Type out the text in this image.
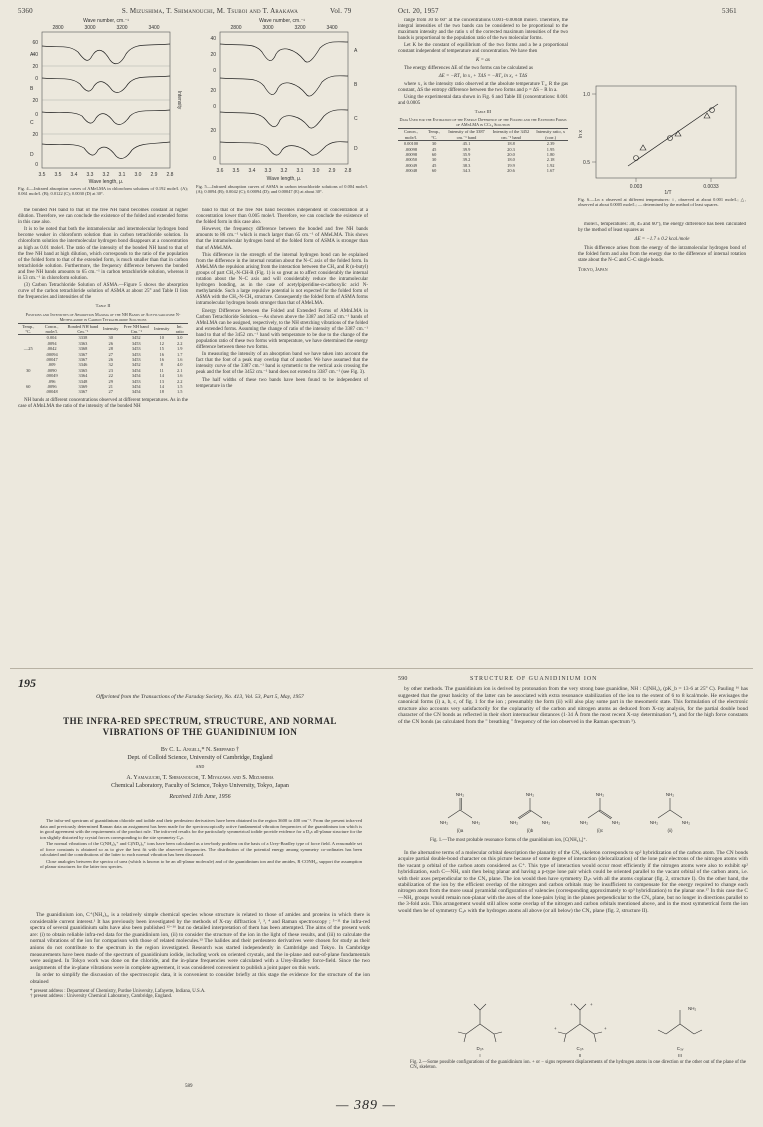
5360	S. Mizushima, T. Shimanouchi, M. Tsuboi and T. Arakawa	Vol. 79
Wave number, cm.⁻¹
2800	3000	3200	3400
60
40
20
0
20
0
20
0
A
B
C
D
Intensity
3.5 3.5 3.4 3.3 3.2 3.1 3.0 2.9 2.8
Wave length, μ.
Fig. 4.—Infrared absorption curves of AMeLMA in chloroform solutions of 0.192 mole/l. (A); 0.061 mole/l. (B); 0.0122 (C); 0.0030 (D) at 30°.
Wave number, cm.⁻¹
2800	3000	3200	3400
40
20
0
20
0
20
0
A
B
C
D
3.6 3.5 3.4 3.3 3.2 3.1 3.0 2.9 2.8
Wave length, μ.
Fig. 5.—Infrared absorption curves of ASMA in carbon tetrachloride solutions of 0.004 mole/l. (A); 0.0094 (B); 0.0042 (C); 0.00094 (D); and 0.00047 (E) at about 30°.

the bonded NH band to that of the free NH band becomes constant at higher dilution. Therefore, we can conclude the existence of the folded and extended forms in this case also.

It is to be noted that both the intramolecular and intermolecular hydrogen bond become weaker in chloroform solution than in carbon tetrachloride solution. In chloroform solution the intermolecular hydrogen bond disappears at a concentration as high as 0.01 mole/l. The ratio of the intensity of the bonded NH band to that of the free NH band at high dilution, which corresponds to the ratio of the population of the folded form to that of the extended form, is much smaller than that in carbon tetrachloride solution. Furthermore, the frequency difference between the bonded and free NH bands amounts to 65 cm.⁻¹ in carbon tetrachloride solution, whereas it is 53 cm.⁻¹ in chloroform solution.

(3) Carbon Tetrachloride Solution of ASMA.—Figure 5 shows the absorption curve of the carbon tetrachloride solution of ASMA at about 25° and Table II lists the frequencies and intensities of the

Table II
Positions and Intensities of Absorption Maxima of the NH Bands of Acetylsarcosine N-Methylamide in Carbon Tetrachloride Solutions
Temp., °C.	Concn., mole/l.	Bonded NH band Cm.⁻¹	Intensity	Free NH band Cm.⁻¹	Intensity	Int. ratio
	0.004	3338	30	3452	10	3.0
	.0094	3363	26	3453	12	2.2
—25	.0042	3368	28	3453	15	1.9
	.00094	3367	27	3453	16	1.7
	.00047	3367	26	3453	16	1.6
	.009	3346	32	3452	8	4.0
30	.0090	3365	23	3454	11	2.1
	.00049	3364	22	3454	14	1.6
	.096	3348	29	3453	13	2.2
60	.0096	3369	21	3454	14	1.5
	.00048	3367	27	3454	18	1.5

NH bands at different concentrations observed at different temperatures. As in the case of AMnLMA the ratio of the intensity of the bonded NH

band to that of the free NH band becomes independent of concentration at a concentration lower than 0.005 mole/l. Therefore, we can conclude the existence of the folded form in this case also.

However, the frequency difference between the bonded and free NH bands amounts to 86 cm.⁻¹ which is much larger than 65 cm.⁻¹ of AMeLMA. This shows that the intramolecular hydrogen bond of the folded form of ASMA is stronger than that of AMeLMA.

This difference in the strength of the internal hydrogen bond can be explained from the difference in the internal rotation about the N–C axis of the folded form. In AMeLMA the repulsion arising from the interaction between the CH₃ and R (n-butyl) groups of part CH₃-N-CH-R (Fig. 1) is so great as to affect considerably the internal rotation about the N–C axis and will considerably reduce the intramolecular hydrogen bonding, as in the case of acetylpiperidine-α-carboxylic acid N-methylamide. Such a large repulsive potential is not expected for the folded form of ASMA with the CH₃-N-CH₂ structure. Consequently the folded form of ASMA forms intramolecular hydrogen bonds stronger than that of AMeLMA.

Energy Difference between the Folded and Extended Forms of AMnLMA in Carbon Tetrachloride Solution.—As shown above the 3387 and 3452 cm.⁻¹ bands of AMnLMA can be assigned, respectively, to the NH stretching vibrations of the folded and extended forms. Assuming the change of ratio of the intensity of the 3387 cm.⁻¹ band to that of the 3452 cm.⁻¹ band with temperature to be due to the change of the population ratio of these two forms with temperature, we have determined the energy difference between these two forms.

In measuring the intensity of an absorption band we have taken into account the fact that the foot of a peak may overlap that of another. We have assumed that the intensity curve of the 3387 cm.⁻¹ band is symmetric to the vertical axis crossing the peak and the foot of the 3452 cm.⁻¹ band does not extend to 3387 cm.⁻¹ (see Fig. 3).

The half widths of these two bands have been found to be independent of temperature in the

Oct. 20, 1957	5361

range from 30 to 60° at the concentrations 0.001–0.00048 mole/l. Therefore, the integral intensities of the two bands can be considered to be proportional to the maximum intensity and the ratio x of the corrected maximum intensities of the two bands is proportional to the population ratio of the two molecular forms.

Let K be the constant of equilibrium of the two forms and a be a proportional constant independent of temperature and concentration. We have then

K = ax

The energy differences ΔE of the two forms can be calculated as

ΔE = −RT₁ ln x₁ + TΔS = −RT₂ ln x₂ + TΔS

where x₁ is the intensity ratio observed at the absolute temperature T₁, R the gas constant, ΔS the entropy difference between the two forms and p = ΔS − R ln a.

Using the experimental data shown in Fig. 6 and Table III (concentrations: 0.001 and 0.0005

Table III
Data Used for the Estimation of the Energy Difference of the Folded and the Extended Forms of AMnLMA in CCl₄ Solution
Concn., mole/l.	Temp., °C.	Intensity of the 3387 cm.⁻¹ band	Intensity of the 3452 cm.⁻¹ band	Intensity ratio, x (corr.)
0.00100	30	45.1	18.8	2.39
.00098	45	39.9	20.3	1.95
.00098	60	35.9	20.0	1.80
.00050	30	39.2	18.0	2.18
.00049	45	38.3	19.9	1.92
.00048	60	34.3	20.6	1.67
1.0
0.5
ln x
0.003	0.0033
1/T
Fig. 6.—Ln x observed at different temperatures: ○, observed at about 0.001 mole/l.; △, observed at about 0.0005 mole/l.; — determined by the method of least squares.

mole/l., temperatures: 30, 45 and 60°), the energy difference has been calculated by the method of least squares as

ΔE = −1.7 ± 0.2 kcal./mole

This difference arises from the energy of the intramolecular hydrogen bond of the folded form and also from the energy due to the difference of internal rotation state about the N–C and C–C single bonds.

Tokyo, Japan
195
Offprinted from the Transactions of the Faraday Society, No. 413, Vol. 53, Part 5, May, 1957
THE INFRA-RED SPECTRUM, STRUCTURE, AND NORMAL VIBRATIONS OF THE GUANIDINIUM ION
By C. L. Angell,* N. Sheppard †
Dept. of Colloid Science, University of Cambridge, England
and
A. Yamaguchi, T. Shimanouchi, T. Miyazawa and S. Mizushima
Chemical Laboratory, Faculty of Science, Tokyo University, Tokyo, Japan
Received 11th June, 1956

The infra-red spectrum of guanidinium chloride and iodide and their perdeutero derivatives have been obtained in the region 3600 to 400 cm⁻¹. From the present infra-red data and previously determined Raman data an assignment has been made for the spectroscopically active fundamental vibration frequencies of the guanidinium ion which is in good agreement with the requirements of the product rule. The infra-red results for the particularly symmetrical iodide provide evidence for a D₃ₕ all-planar structure for the ion slightly distorted by crystal forces corresponding to the site symmetry C₃ₕ.

The normal vibrations of the C(NH₂)₃⁺ and C(ND₂)₃⁺ ions have been calculated as a ten-body problem on the basis of a Urey-Bradley type of force field. A reasonable set of force constants is obtained so as to give the best fit with the observed frequencies. The distribution of the potential energy among symmetry co-ordinates has been calculated and the contributions of the latter to each normal vibration has been discussed.

Close analogies between the spectra of urea (which is known to be an all-planar molecule) and of the guanidinium ion and the amides, R·CONH₂, support the assumption of planar structures for the latter two species.

The guanidinium ion, C⁺(NH₂)₃, is a relatively simple chemical species whose structure is related to those of amides and proteins in which there is considerable current interest.¹ It has previously been investigated by the methods of X-ray diffraction ², ³, ⁴ and Raman spectroscopy ; ⁵⁻¹¹ the infra-red spectra of several guanidinium salts have also been published ¹²⁻¹⁶ but no detailed interpretation of them has been attempted. The aims of the present work are: (i) to obtain reliable infra-red data for the guanidinium ion, (ii) to consider the structure of the ion in the light of these results, and (iii) to calculate the normal vibrations of the ion for comparison with those of related molecules.¹³ The halides and their perdeutero derivatives were chosen for study as their anions do not contribute to the spectrum in the region investigated. Research was started independently in Cambridge and Tokyo. In Cambridge measurements have been made of the spectrum of guanidinium iodide, including work on oriented crystals, and the in-plane and out-of-plane fundamentals were assigned. In Tokyo work was done on the chloride, and the in-plane frequencies were calculated with a Urey-Bradley force-field. Since the two assignments of the in-plane vibrations were in complete agreement, it was considered convenient to publish a joint paper on this work.

In order to simplify the discussion of the spectroscopic data, it is convenient to consider briefly at this stage the evidence for the structure of the ion obtained

* present address : Department of Chemistry, Purdue University, Lafayette, Indiana, U.S.A.
† present address : University Chemical Laboratory, Cambridge, England.
589
590	STRUCTURE OF GUANIDINIUM ION

by other methods. The guanidinium ion is derived by protonation from the very strong base guanidine, NH : C(NH₂)₂ (pK_b = 13·6 at 25° C). Pauling ¹⁶ has suggested that the great basicity of the latter can be associated with extra resonance stabilization of the ion to the extent of 6 to 8 kcal/mole. He envisages the canonical forms (i) a, b, c, of fig. 1 for the ion ; presumably the form (ii) will also play some part in the mesomeric state. This formulation of the electronic structure also accounts very satisfactorily for the coplanarity of the carbon and nitrogen atoms as deduced from X-ray analysis, for the partial double bond character of the CN bonds as reflected in their short internuclear distances (1·34 Å from the most recent X-ray determination ⁴), and for the high force constants of the CN bonds (as calculated from the " breathing " frequency of the ion observed in the Raman spectrum ⁵).

NH₂
NH₂	NH₂
NH₂
NH₂	NH₂
NH₂
NH₂	NH₂
NH₂
NH₂	NH₂
(i)a	(i)b	(i)c	(ii)
Fig. 1.—The most probable resonance forms of the guanidinium ion, [C(NH₂)₃]⁺.

In the alternative terms of a molecular orbital description the planarity of the CN₃ skeleton corresponds to sp² hybridization of the carbon atom. The CN bonds acquire partial double-bond character on this picture because of some degree of interaction (delocalization) of the lone pair electrons of the nitrogen atoms with the vacant p orbital of the carbon atom considered as C⁺. This type of interaction would occur most efficiently if the nitrogen atoms were also to exhibit sp² hybridization, each C—NH₂ unit then being planar and having a p-type lone pair which could be oriented parallel to the vacant orbital of the carbon atom, i.e. with their axes perpendicular to the CN₃ plane. The ion would then have symmetry D₃ₕ with all the atoms coplanar (fig. 2, structure I). On the other hand, the stabilization of the ion by the efficient overlap of the nitrogen and carbon orbitals may be insufficient to compensate for the energy required to change each nitrogen atom from the more usual pyramidal configuration of valencies (corresponding approximately to sp³ hybridization) to the planar one.¹⁷ In this case the C—NH₂ groups would remain non-planar with the axes of the lone-pairs lying in the planes perpendicular to the CN₃ plane, but no longer in directions parallel to the 3-fold axis. This arrangement would still allow some overlap of the nitrogen and carbon orbitals mentioned above, and in the most symmetrical form the ion would then be of symmetry C₃ₕ with the hydrogen atoms all above (or all below) the CN₃ plane (fig. 2, structure II).

+
+
+	+
NH₂
D₃ₕ	C₃ₕ	C₃ᵥ
I	II	III
Fig. 2.—Some possible configurations of the guanidinium ion. + or − signs represent displacements of the hydrogen atoms in one direction or the other out of the plane of the CN₃ skeleton.
— 389 —
